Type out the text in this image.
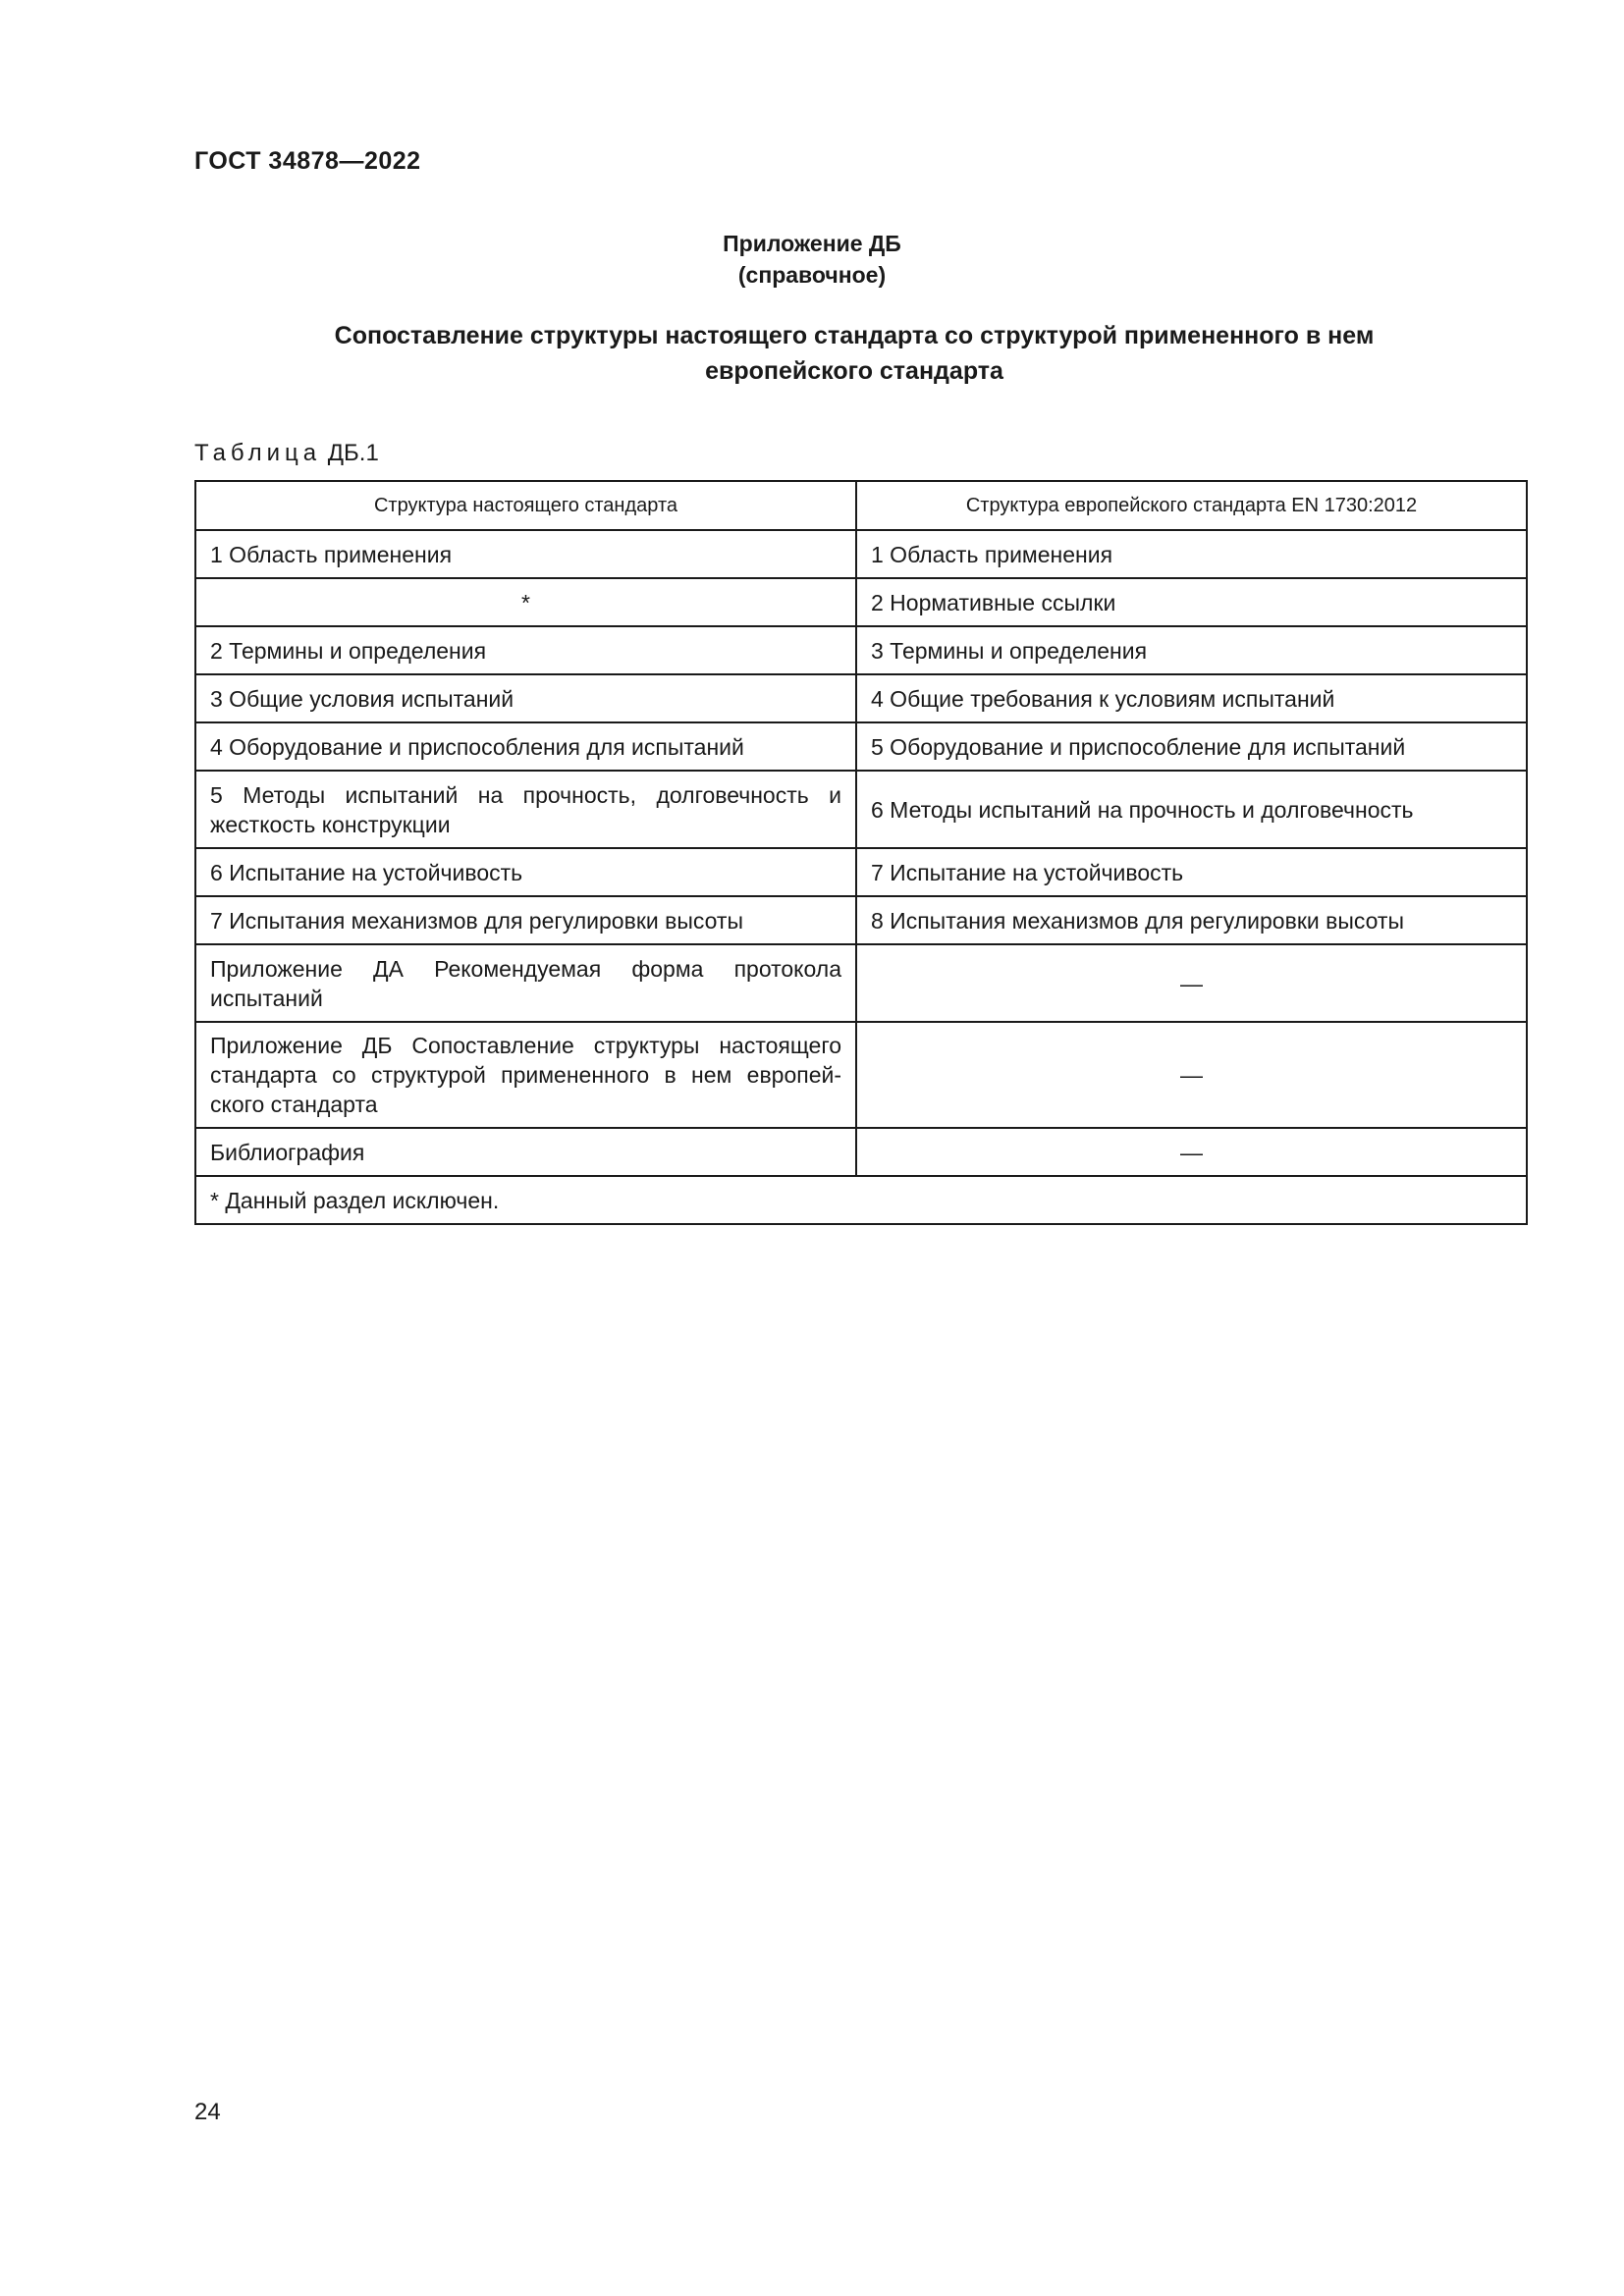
ГОСТ 34878—2022
Приложение ДБ
(справочное)
Сопоставление структуры настоящего стандарта со структурой примененного в нем
европейского стандарта
Таблица ДБ.1
Структура настоящего стандарта	Структура европейского стандарта EN 1730:2012
1 Область применения	1 Область применения
*	2 Нормативные ссылки
2 Термины и определения	3 Термины и определения
3 Общие условия испытаний	4 Общие требования к условиям испытаний
4 Оборудование и приспособления для испытаний	5 Оборудование и приспособление для испытаний
5 Методы испытаний на прочность, долговечность и жесткость конструкции	6 Методы испытаний на прочность и долговечность
6 Испытание на устойчивость	7 Испытание на устойчивость
7 Испытания механизмов для регулировки высоты	8 Испытания механизмов для регулировки высоты
Приложение ДА Рекомендуемая форма протокола испытаний	—
Приложение ДБ Сопоставление структуры настоящего стандарта со структурой примененного в нем европей-ского стандарта	—
Библиография	—
* Данный раздел исключен.	
24
